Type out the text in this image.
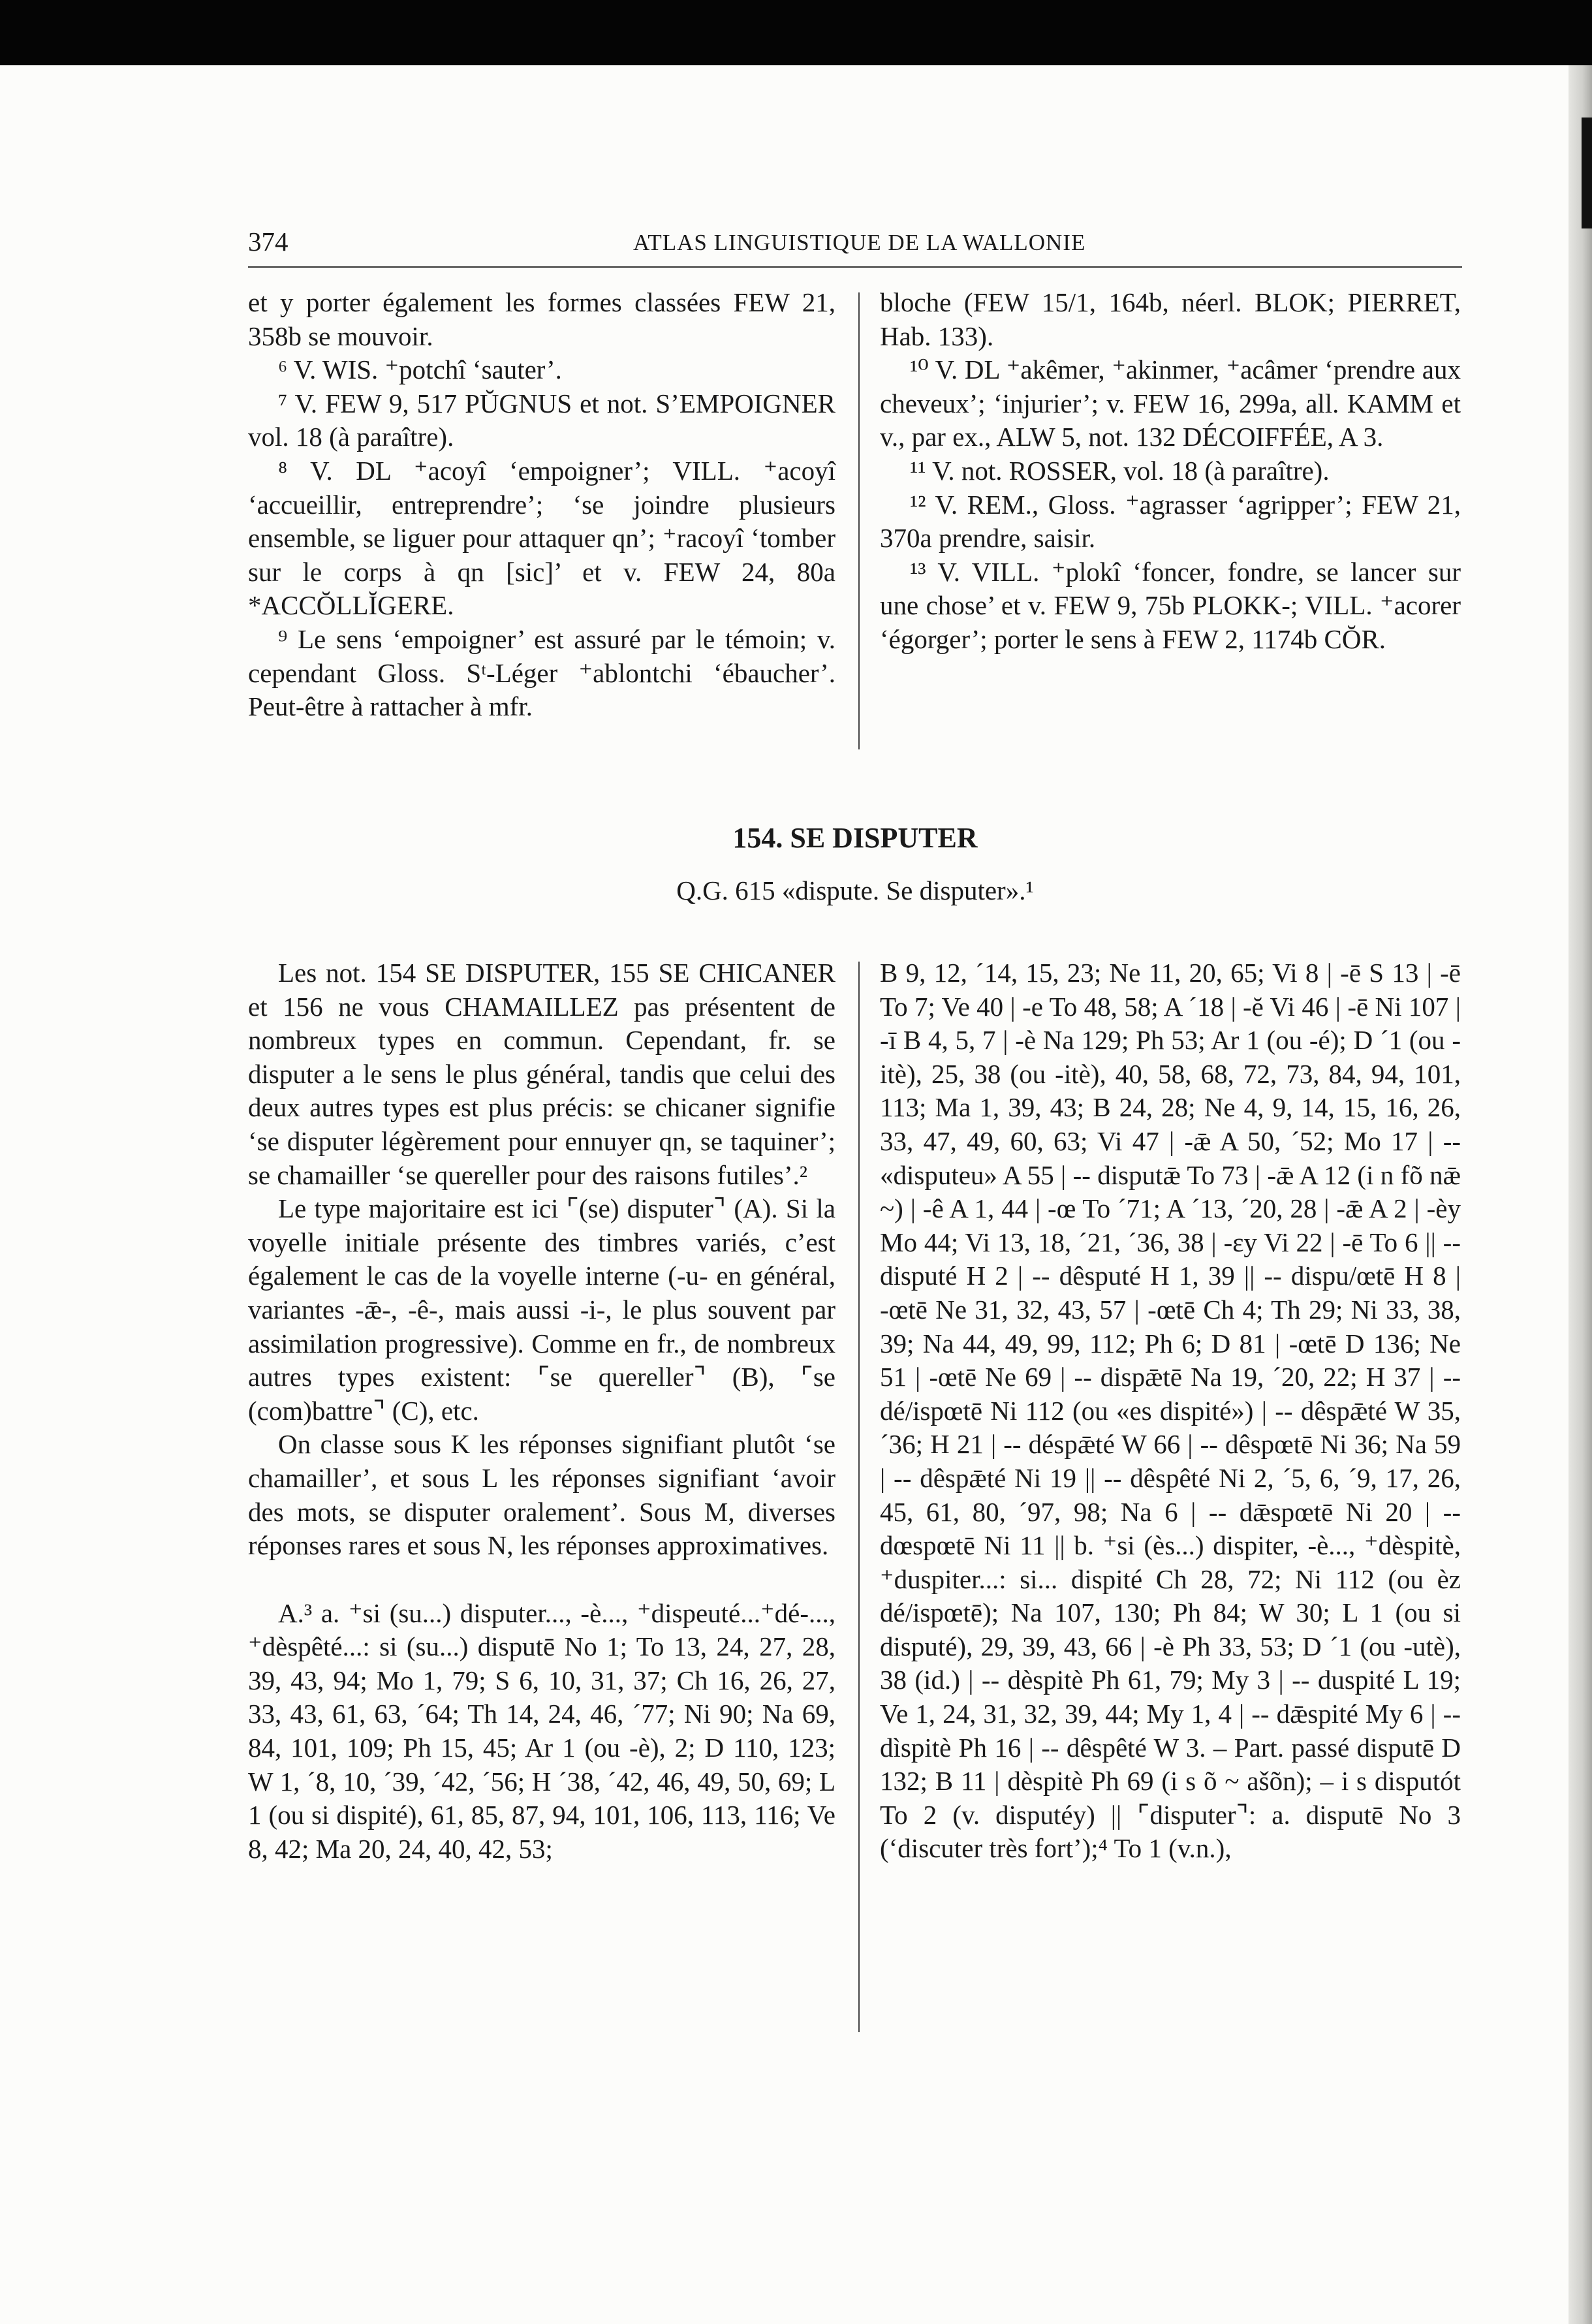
374	ATLAS LINGUISTIQUE DE LA WALLONIE

et y porter également les formes classées FEW 21, 358b se mouvoir.

⁶ V. WIS. ⁺potchî ‘sauter’.

⁷ V. FEW 9, 517 PŬGNUS et not. S’EMPOIGNER vol. 18 (à paraître).

⁸ V. DL ⁺acoyî ‘empoigner’; VILL. ⁺acoyî ‘accueillir, entreprendre’; ‘se joindre plusieurs ensemble, se liguer pour attaquer qn’; ⁺racoyî ‘tomber sur le corps à qn [sic]’ et v. FEW 24, 80a *ACCŎLLĬGERE.

⁹ Le sens ‘empoigner’ est assuré par le témoin; v. cependant Gloss. Sᵗ-Léger ⁺ablontchi ‘ébaucher’. Peut-être à rattacher à mfr.

bloche (FEW 15/1, 164b, néerl. BLOK; PIERRET, Hab. 133).

¹⁰ V. DL ⁺akêmer, ⁺akinmer, ⁺acâmer ‘prendre aux cheveux’; ‘injurier’; v. FEW 16, 299a, all. KAMM et v., par ex., ALW 5, not. 132 DÉCOIFFÉE, A 3.

¹¹ V. not. ROSSER, vol. 18 (à paraître).

¹² V. REM., Gloss. ⁺agrasser ‘agripper’; FEW 21, 370a prendre, saisir.

¹³ V. VILL. ⁺plokî ‘foncer, fondre, se lancer sur une chose’ et v. FEW 9, 75b PLOKK-; VILL. ⁺acorer ‘égorger’; porter le sens à FEW 2, 1174b CŎR.

154. SE DISPUTER
Q.G. 615 «dispute. Se disputer».¹

Les not. 154 SE DISPUTER, 155 SE CHICANER et 156 ne vous CHAMAILLEZ pas présentent de nombreux types en commun. Cependant, fr. se disputer a le sens le plus général, tandis que celui des deux autres types est plus précis: se chicaner signifie ‘se disputer légèrement pour ennuyer qn, se taquiner’; se chamailler ‘se quereller pour des raisons futiles’.²

Le type majoritaire est ici ⌜(se) disputer⌝ (A). Si la voyelle initiale présente des timbres variés, c’est également le cas de la voyelle interne (-u- en général, variantes -ǣ-, -ê-, mais aussi -i-, le plus souvent par assimilation progressive). Comme en fr., de nombreux autres types existent: ⌜se quereller⌝ (B), ⌜se (com)battre⌝ (C), etc.

On classe sous K les réponses signifiant plutôt ‘se chamailler’, et sous L les réponses signifiant ‘avoir des mots, se disputer oralement’. Sous M, diverses réponses rares et sous N, les réponses approximatives.

A.³ a. ⁺si (su...) disputer..., -è..., ⁺dispeuté...⁺dé-..., ⁺dèspêté...: si (su...) disputē No 1; To 13, 24, 27, 28, 39, 43, 94; Mo 1, 79; S 6, 10, 31, 37; Ch 16, 26, 27, 33, 43, 61, 63, ´64; Th 14, 24, 46, ´77; Ni 90; Na 69, 84, 101, 109; Ph 15, 45; Ar 1 (ou -è), 2; D 110, 123; W 1, ´8, 10, ´39, ´42, ´56; H ´38, ´42, 46, 49, 50, 69; L 1 (ou si dispité), 61, 85, 87, 94, 101, 106, 113, 116; Ve 8, 42; Ma 20, 24, 40, 42, 53;

B 9, 12, ´14, 15, 23; Ne 11, 20, 65; Vi 8 | -ē S 13 | -ē To 7; Ve 40 | -e To 48, 58; A ´18 | -ĕ Vi 46 | -ē Ni 107 | -ī B 4, 5, 7 | -è Na 129; Ph 53; Ar 1 (ou -é); D ´1 (ou -itè), 25, 38 (ou -itè), 40, 58, 68, 72, 73, 84, 94, 101, 113; Ma 1, 39, 43; B 24, 28; Ne 4, 9, 14, 15, 16, 26, 33, 47, 49, 60, 63; Vi 47 | -ǣ A 50, ´52; Mo 17 | -- «disputeu» A 55 | -- disputǣ To 73 | -ǣ A 12 (i n fõ nǣ ~) | -ê A 1, 44 | -œ To ´71; A ´13, ´20, 28 | -ǣ A 2 | -èy Mo 44; Vi 13, 18, ´21, ´36, 38 | -ɛy Vi 22 | -ē To 6 || -- disputé H 2 | -- dêsputé H 1, 39 || -- dispu/œtē H 8 | -œtē Ne 31, 32, 43, 57 | -œtē Ch 4; Th 29; Ni 33, 38, 39; Na 44, 49, 99, 112; Ph 6; D 81 | -œtē D 136; Ne 51 | -œtē Ne 69 | -- dispǣtē Na 19, ´20, 22; H 37 | -- dé/ispœtē Ni 112 (ou «es dispité») | -- dêspǣté W 35, ´36; H 21 | -- déspǣté W 66 | -- dêspœtē Ni 36; Na 59 | -- dêspǣté Ni 19 || -- dêspêté Ni 2, ´5, 6, ´9, 17, 26, 45, 61, 80, ´97, 98; Na 6 | -- dǣspœtē Ni 20 | -- dœspœtē Ni 11 || b. ⁺si (ès...) dispiter, -è..., ⁺dèspitè, ⁺duspiter...: si... dispité Ch 28, 72; Ni 112 (ou èz dé/ispœtē); Na 107, 130; Ph 84; W 30; L 1 (ou si disputé), 29, 39, 43, 66 | -è Ph 33, 53; D ´1 (ou -utè), 38 (id.) | -- dèspitè Ph 61, 79; My 3 | -- duspité L 19; Ve 1, 24, 31, 32, 39, 44; My 1, 4 | -- dǣspité My 6 | -- dìspitè Ph 16 | -- dêspêté W 3. – Part. passé disputē D 132; B 11 | dèspitè Ph 69 (i s õ ~ ašõn); – i s disputót To 2 (v. disputéy) || ⌜disputer⌝: a. disputē No 3 (‘discuter très fort’);⁴ To 1 (v.n.),
